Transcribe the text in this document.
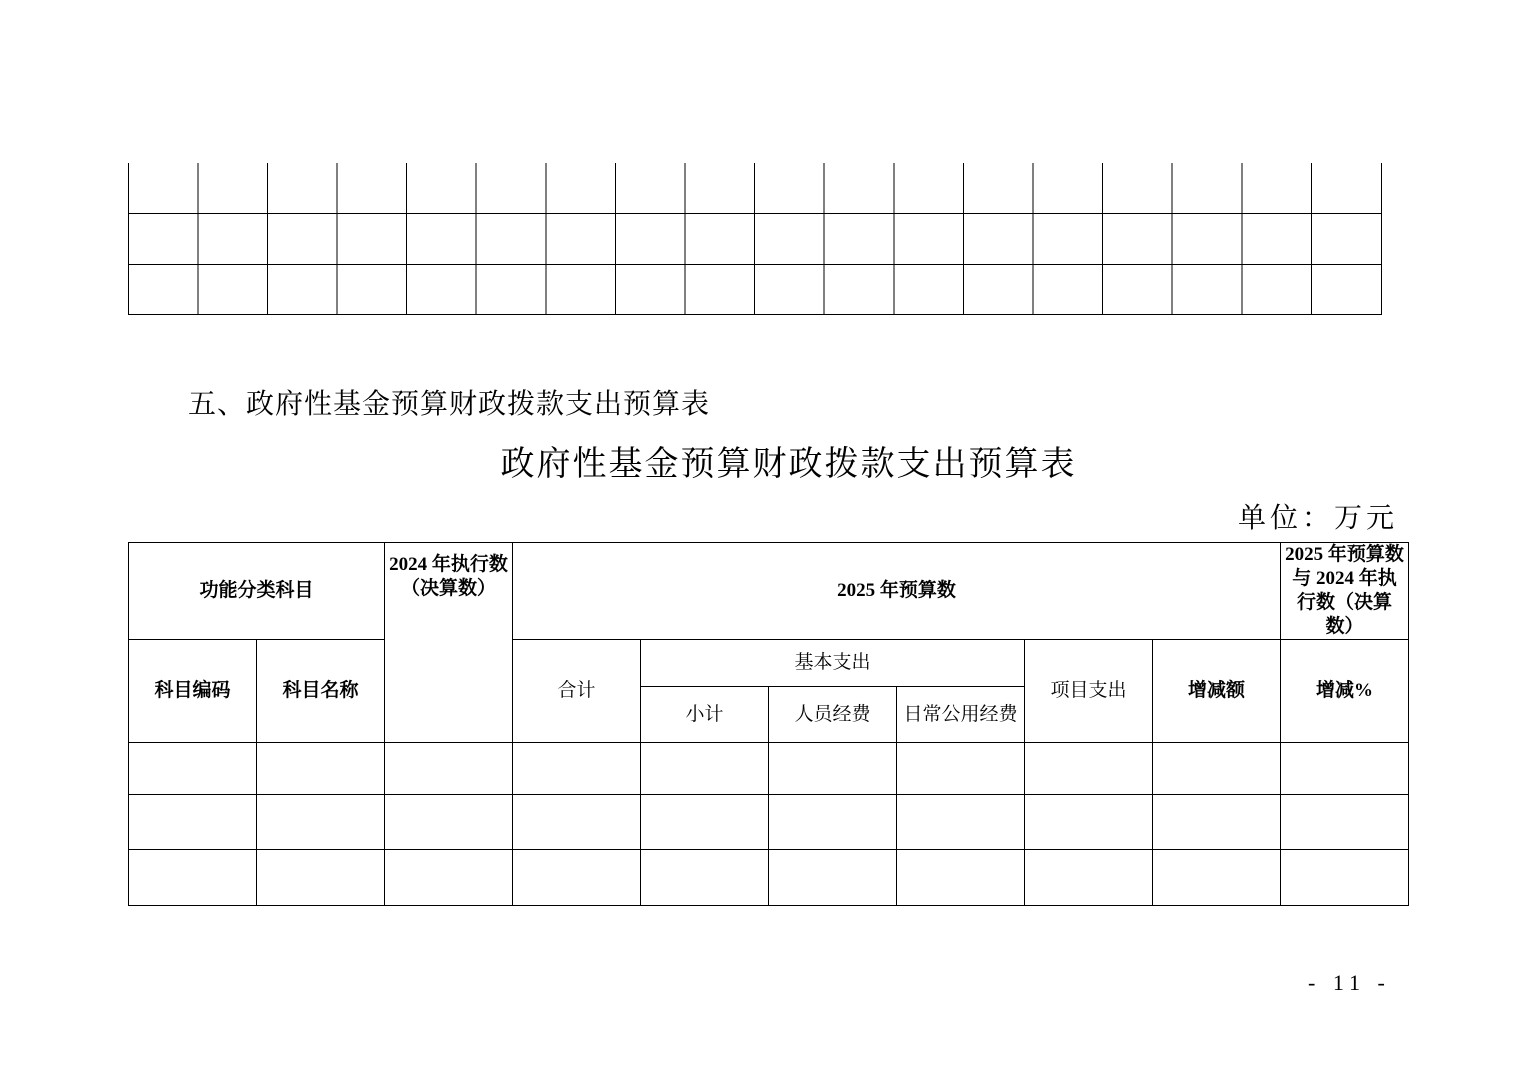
五、政府性基金预算财政拨款支出预算表
政府性基金预算财政拨款支出预算表
单位：万元
功能分类科目		2024 年执行数（决算数）	2025 年预算数						2025 年预算数与 2024 年执行数（决算数）
科目编码	科目名称		合计	基本支出			项目支出	增减额	增减%
				小计	人员经费	日常公用经费			

- 11 -
